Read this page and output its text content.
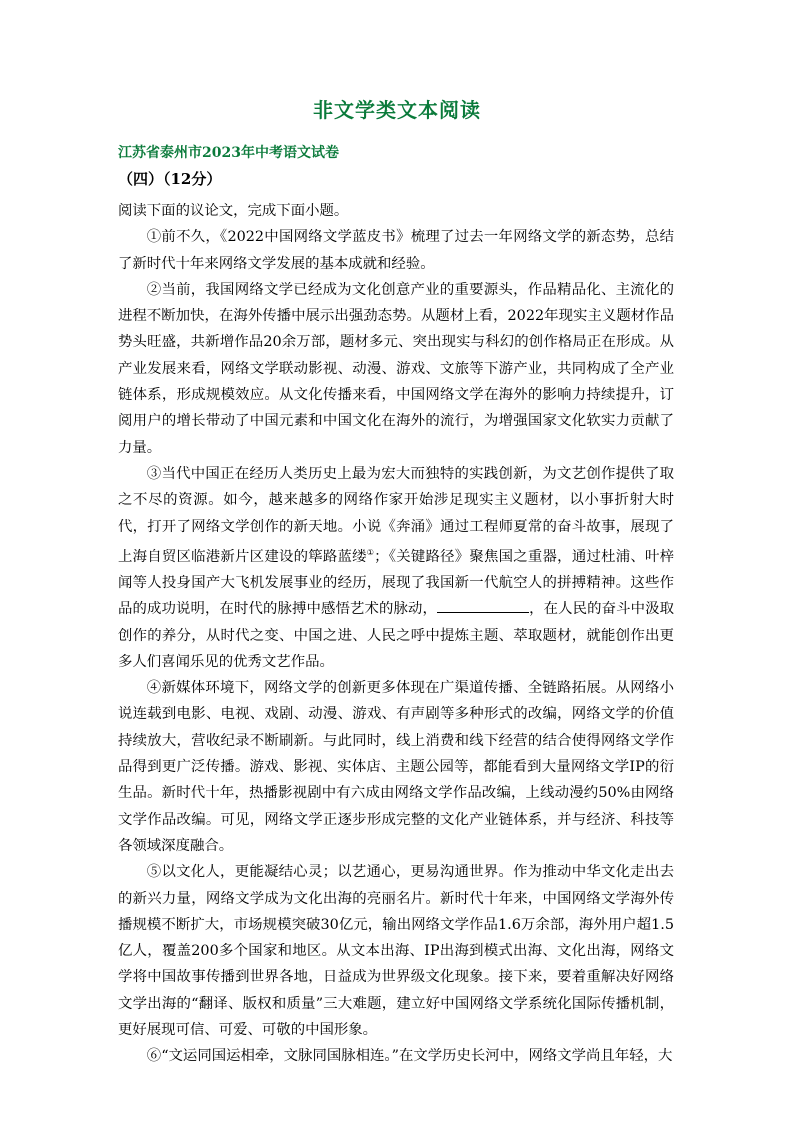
非文学类文本阅读
江苏省泰州市2023年中考语文试卷
（四）（12分）

阅读下面的议论文，完成下面小题。

①前不久，《2022中国网络文学蓝皮书》梳理了过去一年网络文学的新态势，总结了新时代十年来网络文学发展的基本成就和经验。

②当前，我国网络文学已经成为文化创意产业的重要源头，作品精品化、主流化的进程不断加快，在海外传播中展示出强劲态势。从题材上看，2022年现实主义题材作品势头旺盛，共新增作品20余万部，题材多元、突出现实与科幻的创作格局正在形成。从产业发展来看，网络文学联动影视、动漫、游戏、文旅等下游产业，共同构成了全产业链体系，形成规模效应。从文化传播来看，中国网络文学在海外的影响力持续提升，订阅用户的增长带动了中国元素和中国文化在海外的流行，为增强国家文化软实力贡献了力量。

③当代中国正在经历人类历史上最为宏大而独特的实践创新，为文艺创作提供了取之不尽的资源。如今，越来越多的网络作家开始涉足现实主义题材，以小事折射大时代，打开了网络文学创作的新天地。小说《奔涌》通过工程师夏常的奋斗故事，展现了上海自贸区临港新片区建设的筚路蓝缕①；《关键路径》聚焦国之重器，通过杜浦、叶梓闻等人投身国产大飞机发展事业的经历，展现了我国新一代航空人的拼搏精神。这些作品的成功说明，在时代的脉搏中感悟艺术的脉动，	，在人民的奋斗中汲取创作的养分，从时代之变、中国之进、人民之呼中提炼主题、萃取题材，就能创作出更多人们喜闻乐见的优秀文艺作品。

④新媒体环境下，网络文学的创新更多体现在广渠道传播、全链路拓展。从网络小说连载到电影、电视、戏剧、动漫、游戏、有声剧等多种形式的改编，网络文学的价值持续放大，营收纪录不断刷新。与此同时，线上消费和线下经营的结合使得网络文学作品得到更广泛传播。游戏、影视、实体店、主题公园等，都能看到大量网络文学IP的衍生品。新时代十年，热播影视剧中有六成由网络文学作品改编，上线动漫约50%由网络文学作品改编。可见，网络文学正逐步形成完整的文化产业链体系，并与经济、科技等各领域深度融合。

⑤以文化人，更能凝结心灵；以艺通心，更易沟通世界。作为推动中华文化走出去的新兴力量，网络文学成为文化出海的亮丽名片。新时代十年来，中国网络文学海外传播规模不断扩大，市场规模突破30亿元，输出网络文学作品1.6万余部，海外用户超1.5亿人，覆盖200多个国家和地区。从文本出海、IP出海到模式出海、文化出海，网络文学将中国故事传播到世界各地，日益成为世界级文化现象。接下来，要着重解决好网络文学出海的“翻译、版权和质量”三大难题，建立好中国网络文学系统化国际传播机制，更好展现可信、可爱、可敬的中国形象。

⑥“文运同国运相牵，文脉同国脉相连。”在文学历史长河中，网络文学尚且年轻，大
